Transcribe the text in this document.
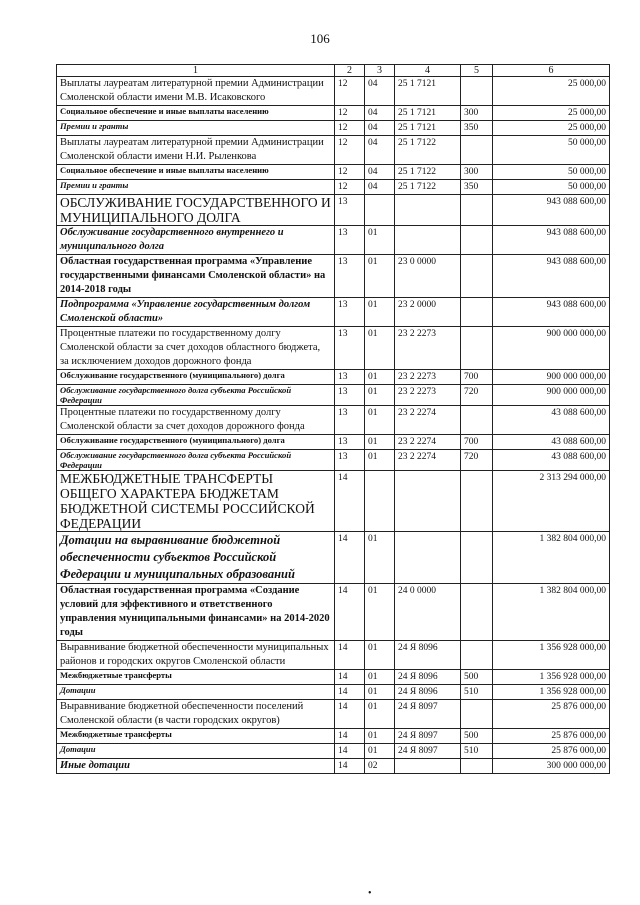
106
1	2	3	4	5	6
Выплаты лауреатам литературной премии Администрации Смоленской области имени М.В. Исаковского	12	04	25 1 7121		25 000,00
Социальное обеспечение и иные выплаты населению	12	04	25 1 7121	300	25 000,00
Премии и гранты	12	04	25 1 7121	350	25 000,00
Выплаты лауреатам литературной премии Администрации Смоленской области имени Н.И. Рыленкова	12	04	25 1 7122		50 000,00
Социальное обеспечение и иные выплаты населению	12	04	25 1 7122	300	50 000,00
Премии и гранты	12	04	25 1 7122	350	50 000,00
ОБСЛУЖИВАНИЕ ГОСУДАРСТВЕННОГО И МУНИЦИПАЛЬНОГО ДОЛГА	13				943 088 600,00
Обслуживание государственного внутреннего и муниципального долга	13	01			943 088 600,00
Областная государственная программа «Управление государственными финансами Смоленской области» на 2014-2018 годы	13	01	23 0 0000		943 088 600,00
Подпрограмма «Управление государственным долгом Смоленской области»	13	01	23 2 0000		943 088 600,00
Процентные платежи по государственному долгу Смоленской области за счет доходов областного бюджета, за исключением доходов дорожного фонда	13	01	23 2 2273		900 000 000,00
Обслуживание государственного (муниципального) долга	13	01	23 2 2273	700	900 000 000,00
Обслуживание государственного долга субъекта Российской Федерации	13	01	23 2 2273	720	900 000 000,00
Процентные платежи по государственному долгу Смоленской области за счет доходов дорожного фонда	13	01	23 2 2274		43 088 600,00
Обслуживание государственного (муниципального) долга	13	01	23 2 2274	700	43 088 600,00
Обслуживание государственного долга субъекта Российской Федерации	13	01	23 2 2274	720	43 088 600,00
МЕЖБЮДЖЕТНЫЕ ТРАНСФЕРТЫ ОБЩЕГО ХАРАКТЕРА БЮДЖЕТАМ БЮДЖЕТНОЙ СИСТЕМЫ РОССИЙСКОЙ ФЕДЕРАЦИИ	14				2 313 294 000,00
Дотации на выравнивание бюджетной обеспеченности субъектов Российской Федерации и муниципальных образований	14	01			1 382 804 000,00
Областная государственная программа «Создание условий для эффективного и ответственного управления муниципальными финансами» на 2014-2020 годы	14	01	24 0 0000		1 382 804 000,00
Выравнивание бюджетной обеспеченности муниципальных районов и городских округов Смоленской области	14	01	24 Я 8096		1 356 928 000,00
Межбюджетные трансферты	14	01	24 Я 8096	500	1 356 928 000,00
Дотации	14	01	24 Я 8096	510	1 356 928 000,00
Выравнивание бюджетной обеспеченности поселений Смоленской области (в части городских округов)	14	01	24 Я 8097		25 876 000,00
Межбюджетные трансферты	14	01	24 Я 8097	500	25 876 000,00
Дотации	14	01	24 Я 8097	510	25 876 000,00
Иные дотации	14	02			300 000 000,00
•
